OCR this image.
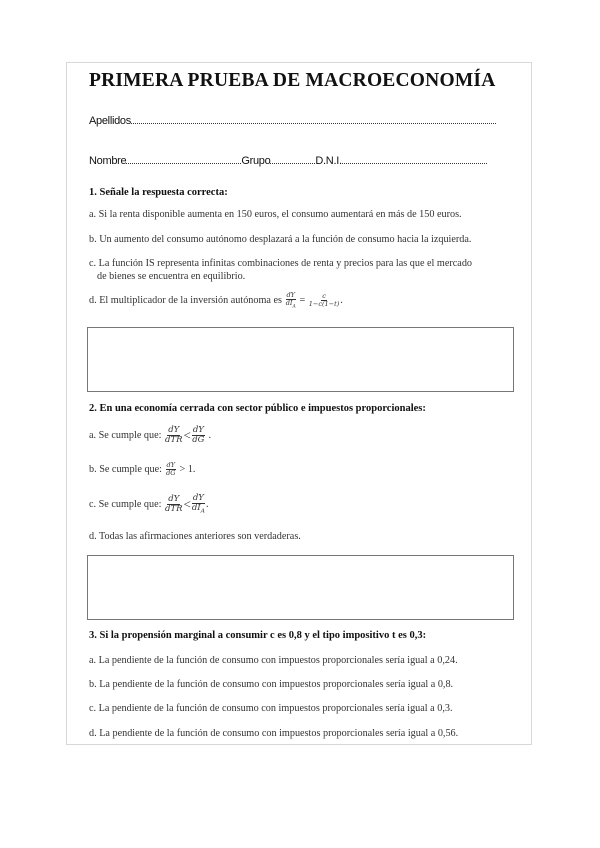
PRIMERA PRUEBA DE MACROECONOMÍA
Apellidos
Nombre	Grupo	D.N.I.
1. Señale la respuesta correcta:
a. Si la renta disponible aumenta en 150 euros, el consumo aumentará en más de 150 euros.
b. Un aumento del consumo autónomo desplazará a la función de consumo hacia la izquierda.
c. La función IS representa infinitas combinaciones de renta y precios para las que el mercado
de bienes se encuentra en equilibrio.
d. El multiplicador de la inversión autónoma es $\frac{dY}{dI_A} = \frac{c}{1-c(1-t)}$ .
2. En una economía cerrada con sector público e impuestos proporcionales:
a. Se cumple que: $\frac{dY}{\text{dTR}} < \frac{dY}{dG}$ .
b. Se cumple que: $\frac{dY}{dG} > 1$.
c. Se cumple que: $\frac{dY}{\text{dTR}} < \frac{dY}{dI_A}$ .
d. Todas las afirmaciones anteriores son verdaderas.
3. Si la propensión marginal a consumir c es 0,8 y el tipo impositivo t es 0,3:
a. La pendiente de la función de consumo con impuestos proporcionales sería igual a 0,24.
b. La pendiente de la función de consumo con impuestos proporcionales sería igual a 0,8.
c. La pendiente de la función de consumo con impuestos proporcionales sería igual a 0,3.
d. La pendiente de la función de consumo con impuestos proporcionales sería igual a 0,56.
